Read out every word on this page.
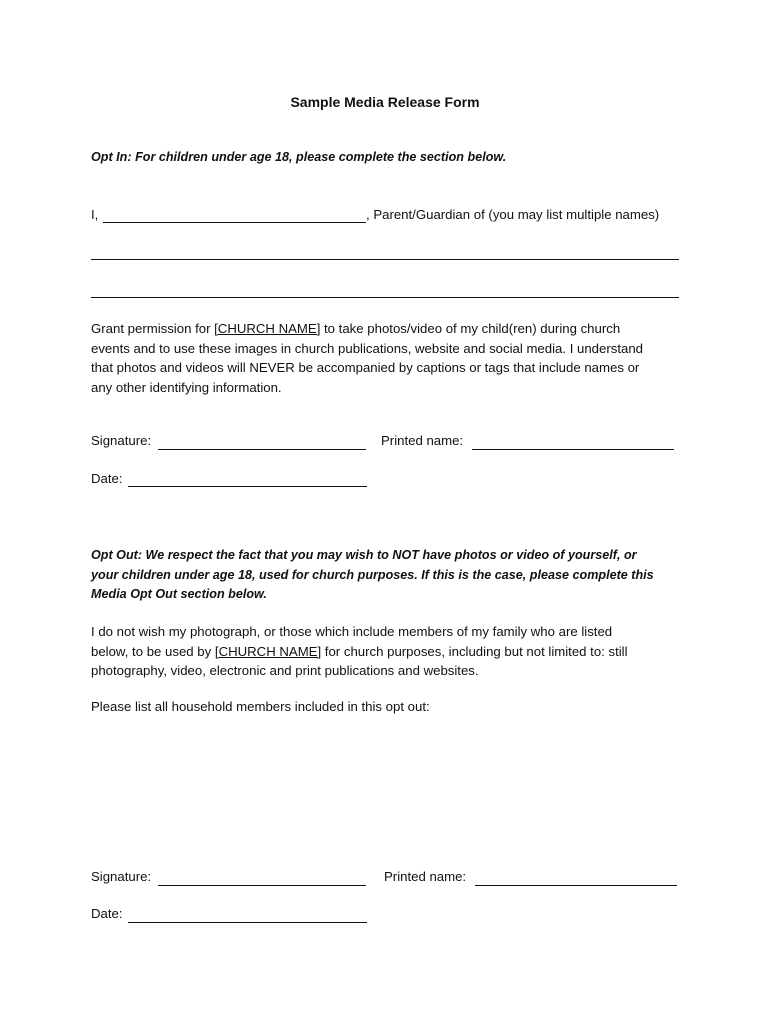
Sample Media Release Form
Opt In: For children under age 18, please complete the section below.
I,	, Parent/Guardian of (you may list multiple names)
Grant permission for [CHURCH NAME] to take photos/video of my child(ren) during church
events and to use these images in church publications, website and social media. I understand
that photos and videos will NEVER be accompanied by captions or tags that include names or
any other identifying information.
Signature:	Printed name:
Date:
Opt Out: We respect the fact that you may wish to NOT have photos or video of yourself, or
your children under age 18, used for church purposes. If this is the case, please complete this
Media Opt Out section below.
I do not wish my photograph, or those which include members of my family who are listed
below, to be used by [CHURCH NAME] for church purposes, including but not limited to: still
photography, video, electronic and print publications and websites.
Please list all household members included in this opt out:
Signature:	Printed name:
Date:
